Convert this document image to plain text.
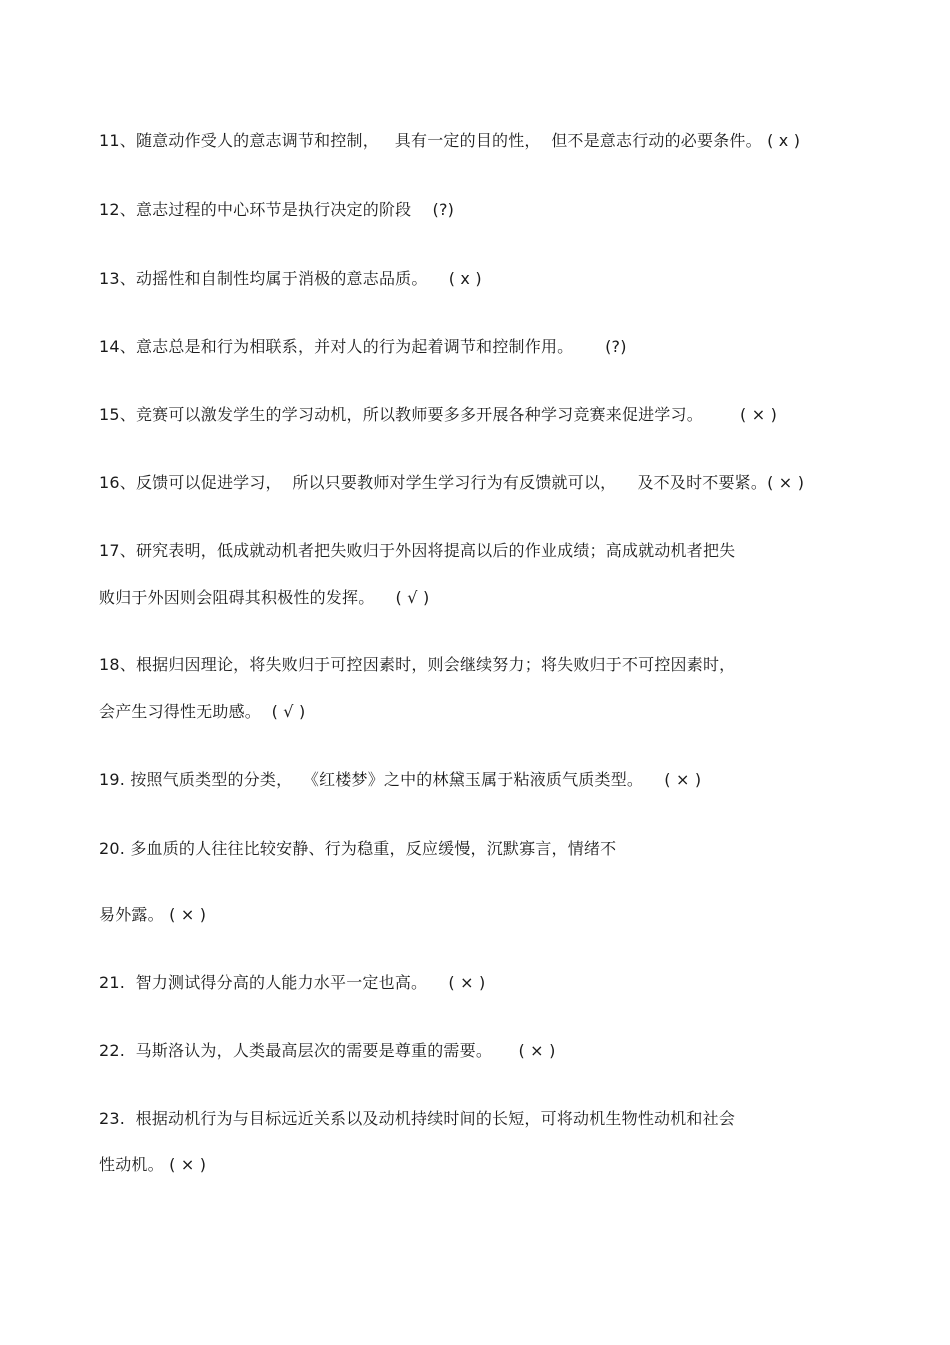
11、随意动作受人的意志调节和控制，   具有一定的目的性，  但不是意志行动的必要条件。 ( x )
12、意志过程的中心环节是执行决定的阶段    (?)
13、动摇性和自制性均属于消极的意志品质。    ( x )
14、意志总是和行为相联系，并对人的行为起着调节和控制作用。      (?)
15、竞赛可以激发学生的学习动机，所以教师要多多开展各种学习竞赛来促进学习。       ( × )
16、反馈可以促进学习，  所以只要教师对学生学习行为有反馈就可以，    及不及时不要紧。( × )
17、研究表明，低成就动机者把失败归于外因将提高以后的作业成绩；高成就动机者把失
败归于外因则会阻碍其积极性的发挥。    ( √ )
18、根据归因理论，将失败归于可控因素时，则会继续努力；将失败归于不可控因素时，
会产生习得性无助感。  ( √ )
19. 按照气质类型的分类，  《红楼梦》之中的林黛玉属于粘液质气质类型。    ( × )
20. 多血质的人往往比较安静、行为稳重，反应缓慢，沉默寡言，情绪不
易外露。 ( × )
21.  智力测试得分高的人能力水平一定也高。    ( × )
22.  马斯洛认为，人类最高层次的需要是尊重的需要。     ( × )
23.  根据动机行为与目标远近关系以及动机持续时间的长短，可将动机生物性动机和社会
性动机。 ( × )
